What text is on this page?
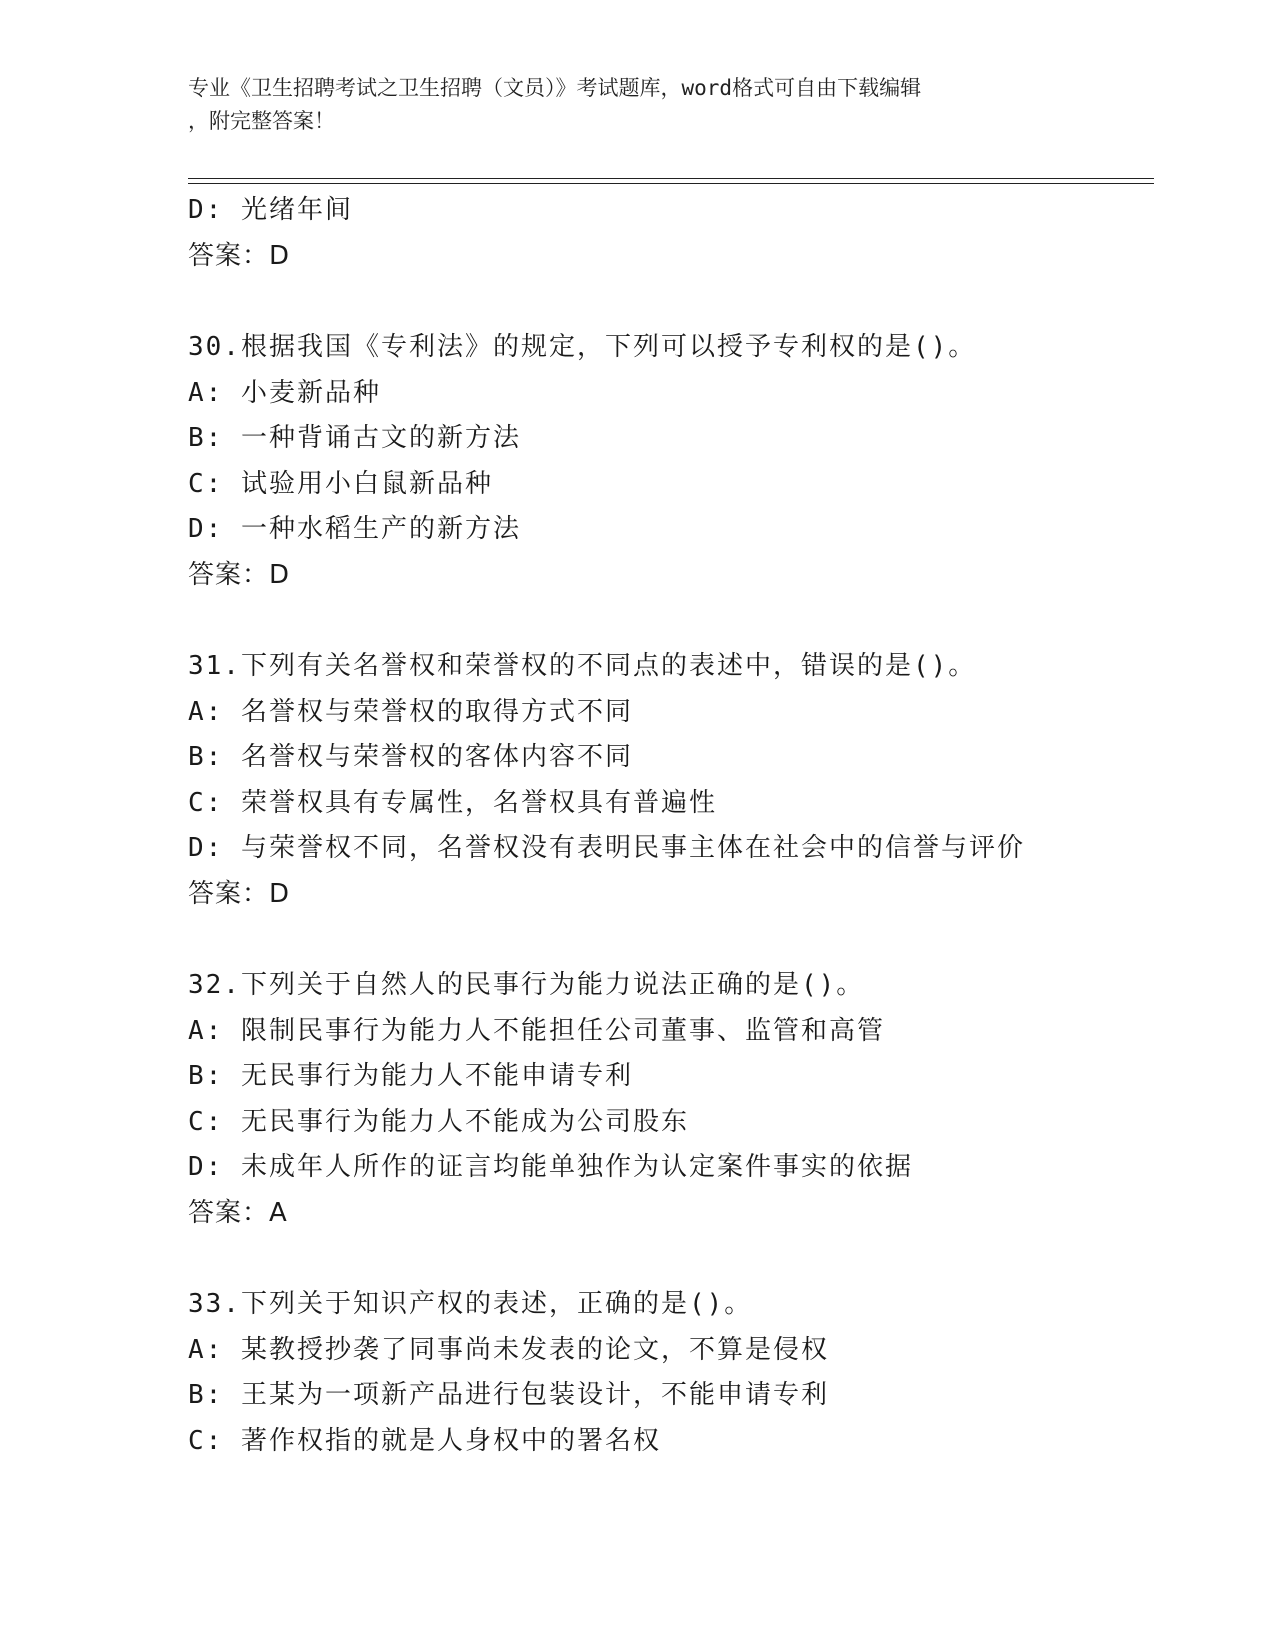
专业《卫生招聘考试之卫生招聘（文员）》考试题库，word格式可自由下载编辑
，附完整答案！
D: 光绪年间
答案：D
30.根据我国《专利法》的规定，下列可以授予专利权的是()。
A: 小麦新品种
B: 一种背诵古文的新方法
C: 试验用小白鼠新品种
D: 一种水稻生产的新方法
答案：D
31.下列有关名誉权和荣誉权的不同点的表述中，错误的是()。
A: 名誉权与荣誉权的取得方式不同
B: 名誉权与荣誉权的客体内容不同
C: 荣誉权具有专属性，名誉权具有普遍性
D: 与荣誉权不同，名誉权没有表明民事主体在社会中的信誉与评价
答案：D
32.下列关于自然人的民事行为能力说法正确的是()。
A: 限制民事行为能力人不能担任公司董事、监管和高管
B: 无民事行为能力人不能申请专利
C: 无民事行为能力人不能成为公司股东
D: 未成年人所作的证言均能单独作为认定案件事实的依据
答案：A
33.下列关于知识产权的表述，正确的是()。
A: 某教授抄袭了同事尚未发表的论文，不算是侵权
B: 王某为一项新产品进行包装设计，不能申请专利
C: 著作权指的就是人身权中的署名权
